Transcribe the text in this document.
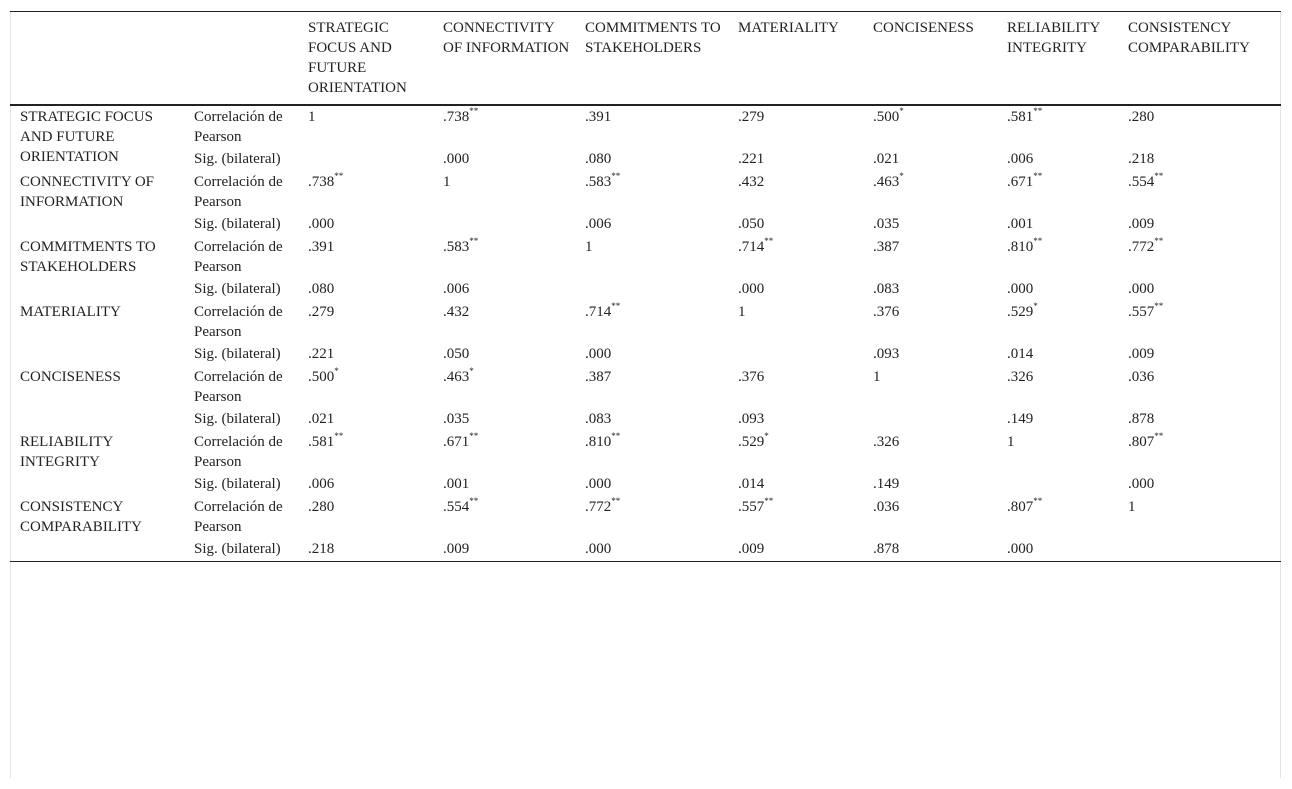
		STRATEGIC FOCUS AND FUTURE ORIENTATION	CONNECTIVITY OF INFORMATION	COMMITMENTS TO STAKEHOLDERS	MATERIALITY	CONCISENESS	RELIABILITY INTEGRITY	CONSISTENCY COMPARABILITY
STRATEGIC FOCUS AND FUTURE ORIENTATION	Correlación de Pearson	1	.738**	.391	.279	.500*	.581**	.280
	Sig. (bilateral)		.000	.080	.221	.021	.006	.218
CONNECTIVITY OF INFORMATION	Correlación de Pearson	.738**	1	.583**	.432	.463*	.671**	.554**
	Sig. (bilateral)	.000		.006	.050	.035	.001	.009
COMMITMENTS TO STAKEHOLDERS	Correlación de Pearson	.391	.583**	1	.714**	.387	.810**	.772**
	Sig. (bilateral)	.080	.006		.000	.083	.000	.000
MATERIALITY	Correlación de Pearson	.279	.432	.714**	1	.376	.529*	.557**
	Sig. (bilateral)	.221	.050	.000		.093	.014	.009
CONCISENESS	Correlación de Pearson	.500*	.463*	.387	.376	1	.326	.036
	Sig. (bilateral)	.021	.035	.083	.093		.149	.878
RELIABILITY INTEGRITY	Correlación de Pearson	.581**	.671**	.810**	.529*	.326	1	.807**
	Sig. (bilateral)	.006	.001	.000	.014	.149		.000
CONSISTENCY COMPARABILITY	Correlación de Pearson	.280	.554**	.772**	.557**	.036	.807**	1
	Sig. (bilateral)	.218	.009	.000	.009	.878	.000	
